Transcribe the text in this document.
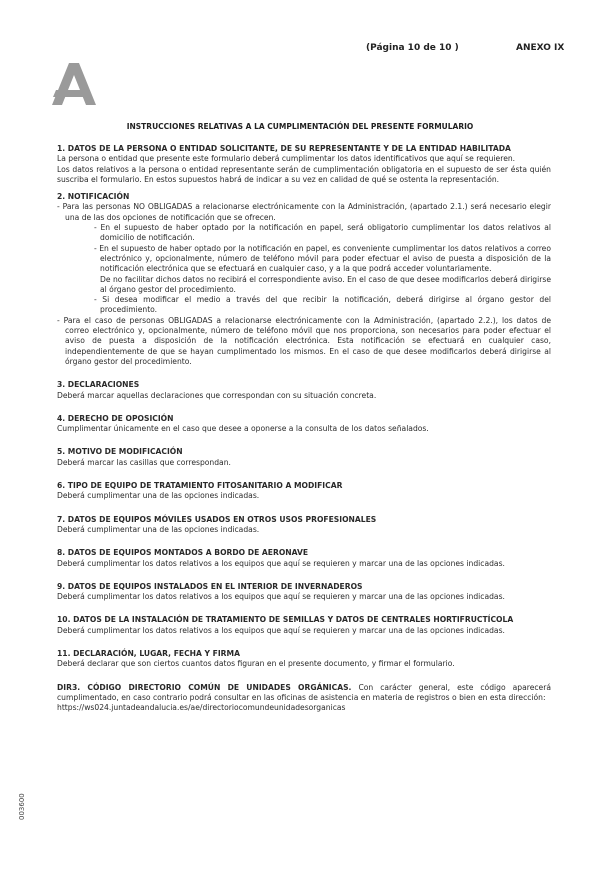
(Página 10 de 10 )	ANEXO IX
INSTRUCCIONES RELATIVAS A LA CUMPLIMENTACIÓN DEL PRESENTE FORMULARIO
1. DATOS DE LA PERSONA O ENTIDAD SOLICITANTE, DE SU REPRESENTANTE Y DE LA ENTIDAD HABILITADA

La persona o entidad que presente este formulario deberá cumplimentar los datos identificativos que aquí se requieren.

Los datos relativos a la persona o entidad representante serán de cumplimentación obligatoria en el supuesto de ser ésta quién suscriba el formulario. En estos supuestos habrá de indicar a su vez en calidad de qué se ostenta la representación.

2. NOTIFICACIÓN

- Para las personas NO OBLIGADAS a relacionarse electrónicamente con la Administración, (apartado 2.1.) será necesario elegir una de las dos opciones de notificación que se ofrecen.

- En el supuesto de haber optado por la notificación en papel, será obligatorio cumplimentar los datos relativos al domicilio de notificación.

- En el supuesto de haber optado por la notificación en papel, es conveniente cumplimentar los datos relativos a correo electrónico y, opcionalmente, número de teléfono móvil para poder efectuar el aviso de puesta a disposición de la notificación electrónica que se efectuará en cualquier caso, y a la que podrá acceder voluntariamente.

De no facilitar dichos datos no recibirá el correspondiente aviso. En el caso de que desee modificarlos deberá dirigirse al órgano gestor del procedimiento.

- Si desea modificar el medio a través del que recibir la notificación, deberá dirigirse al órgano gestor del procedimiento.

- Para el caso de personas OBLIGADAS a relacionarse electrónicamente con la Administración, (apartado 2.2.), los datos de correo electrónico y, opcionalmente, número de teléfono móvil que nos proporciona, son necesarios para poder efectuar el aviso de puesta a disposición de la notificación electrónica. Esta notificación se efectuará en cualquier caso, independientemente de que se hayan cumplimentado los mismos. En el caso de que desee modificarlos deberá dirigirse al órgano gestor del procedimiento.

3. DECLARACIONES

Deberá marcar aquellas declaraciones que correspondan con su situación concreta.

4. DERECHO DE OPOSICIÓN

Cumplimentar únicamente en el caso que desee a oponerse a la consulta de los datos señalados.

5. MOTIVO DE MODIFICACIÓN

Deberá marcar las casillas que correspondan.

6. TIPO DE EQUIPO DE TRATAMIENTO FITOSANITARIO A MODIFICAR

Deberá cumplimentar una de las opciones indicadas.

7. DATOS DE EQUIPOS MÓVILES USADOS EN OTROS USOS PROFESIONALES

Deberá cumplimentar una de las opciones indicadas.

8. DATOS DE EQUIPOS MONTADOS A BORDO DE AERONAVE

Deberá cumplimentar los datos relativos a los equipos que aquí se requieren y marcar una de las opciones indicadas.

9. DATOS DE EQUIPOS INSTALADOS EN EL INTERIOR DE INVERNADEROS

Deberá cumplimentar los datos relativos a los equipos que aquí se requieren y marcar una de las opciones indicadas.

10. DATOS DE LA INSTALACIÓN DE TRATAMIENTO DE SEMILLAS Y DATOS DE CENTRALES HORTIFRUCTÍCOLA

Deberá cumplimentar los datos relativos a los equipos que aquí se requieren y marcar una de las opciones indicadas.

11. DECLARACIÓN, LUGAR, FECHA Y FIRMA

Deberá declarar que son ciertos cuantos datos figuran en el presente documento, y firmar el formulario.

DIR3. CÓDIGO DIRECTORIO COMÚN DE UNIDADES ORGÁNICAS. Con carácter general, este código aparecerá cumplimentado, en caso contrario podrá consultar en las oficinas de asistencia en materia de registros o bien en esta dirección:

https://ws024.juntadeandalucia.es/ae/directoriocomundeunidadesorganicas

003600
